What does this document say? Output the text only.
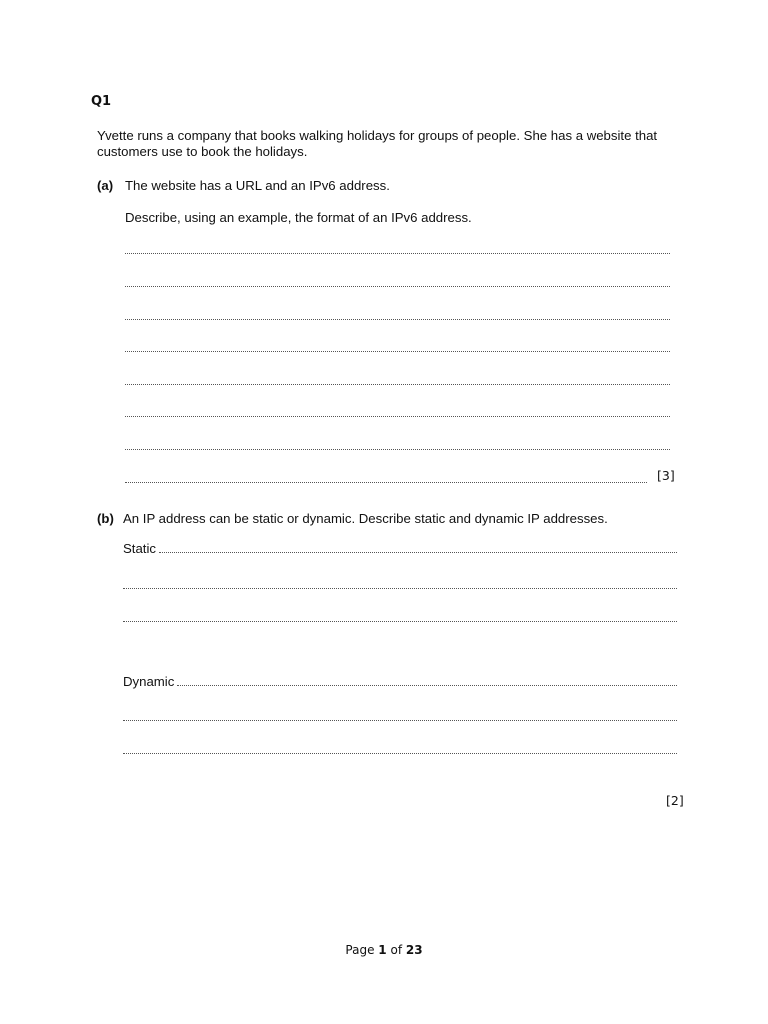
Q1
Yvette runs a company that books walking holidays for groups of people. She has a website that customers use to book the holidays.
(a) The website has a URL and an IPv6 address.
Describe, using an example, the format of an IPv6 address.
[3]
(b) An IP address can be static or dynamic. Describe static and dynamic IP addresses.
Static
Dynamic
[2]
Page 1 of 23
